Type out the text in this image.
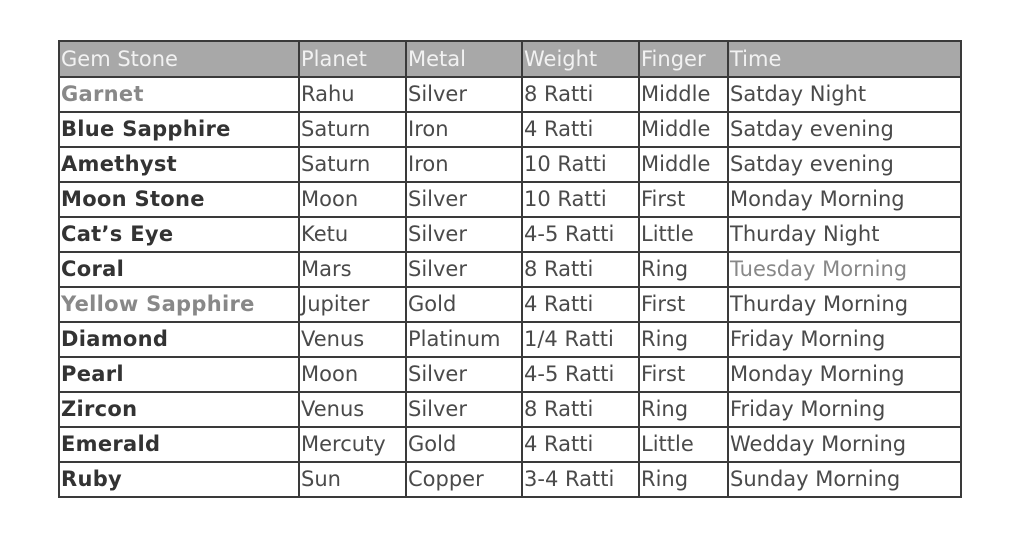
Gem Stone	Planet	Metal	Weight	Finger	Time
Garnet	Rahu	Silver	8 Ratti	Middle	Satday Night
Blue Sapphire	Saturn	Iron	4 Ratti	Middle	Satday evening
Amethyst	Saturn	Iron	10 Ratti	Middle	Satday evening
Moon Stone	Moon	Silver	10 Ratti	First	Monday Morning
Cat’s Eye	Ketu	Silver	4-5 Ratti	Little	Thurday Night
Coral	Mars	Silver	8 Ratti	Ring	Tuesday Morning
Yellow Sapphire	Jupiter	Gold	4 Ratti	First	Thurday Morning
Diamond	Venus	Platinum	1/4 Ratti	Ring	Friday Morning
Pearl	Moon	Silver	4-5 Ratti	First	Monday Morning
Zircon	Venus	Silver	8 Ratti	Ring	Friday Morning
Emerald	Mercuty	Gold	4 Ratti	Little	Wedday Morning
Ruby	Sun	Copper	3-4 Ratti	Ring	Sunday Morning
